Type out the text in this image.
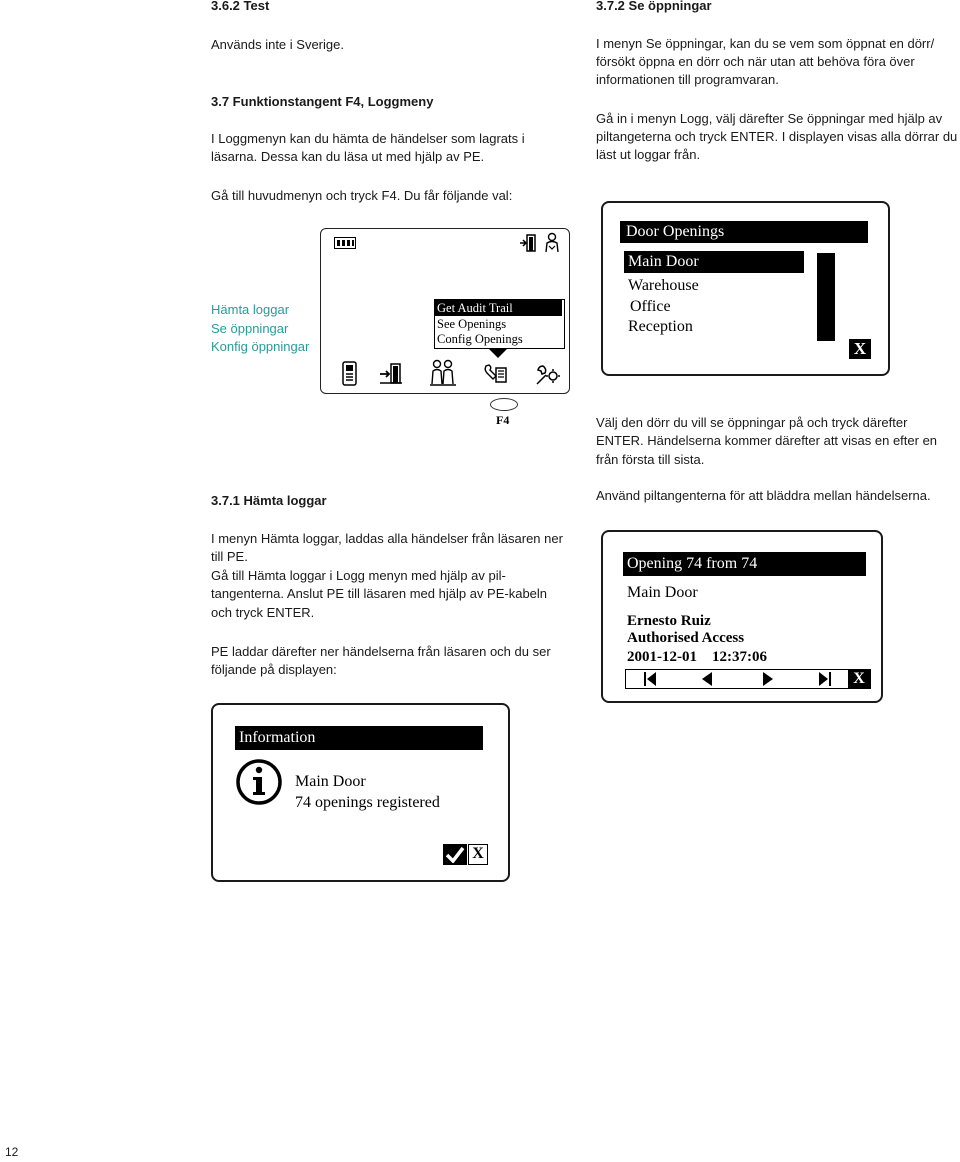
3.6.2 Test
Används inte i Sverige.
3.7 Funktionstangent F4, Loggmeny
I Loggmenyn kan du hämta de händelser som lagrats i
läsarna. Dessa kan du läsa ut med hjälp av PE.
Gå till huvudmenyn och tryck F4. Du får följande val:
Hämta loggar
Se öppningar
Konfig öppningar
3.7.1 Hämta loggar
I menyn Hämta loggar, laddas alla händelser från läsaren ner
till PE.
Gå till Hämta loggar i Logg menyn med hjälp av pil-
tangenterna. Anslut PE till läsaren med hjälp av PE-kabeln
och tryck ENTER.
PE laddar därefter ner händelserna från läsaren och du ser
följande på displayen:
3.7.2 Se öppningar
I menyn Se öppningar, kan du se vem som öppnat en dörr/
försökt öppna en dörr och när utan att behöva föra över
informationen till programvaran.
Gå in i menyn Logg, välj därefter Se öppningar med hjälp av
piltangeterna och tryck ENTER. I displayen visas alla dörrar du
läst ut loggar från.
Välj den dörr du vill se öppningar på och tryck därefter
ENTER. Händelserna kommer därefter att visas en efter en
från första till sista.
Använd piltangenterna för att bläddra mellan händelserna.
Get Audit Trail
See Openings
Config Openings
F4
Door Openings
Main Door
Warehouse
Office
Reception
X
Opening 74 from 74
Main Door
Ernesto Ruiz
Authorised Access
2001-12-01    12:37:06
X
Information
Main Door
74 openings registered
X
12
